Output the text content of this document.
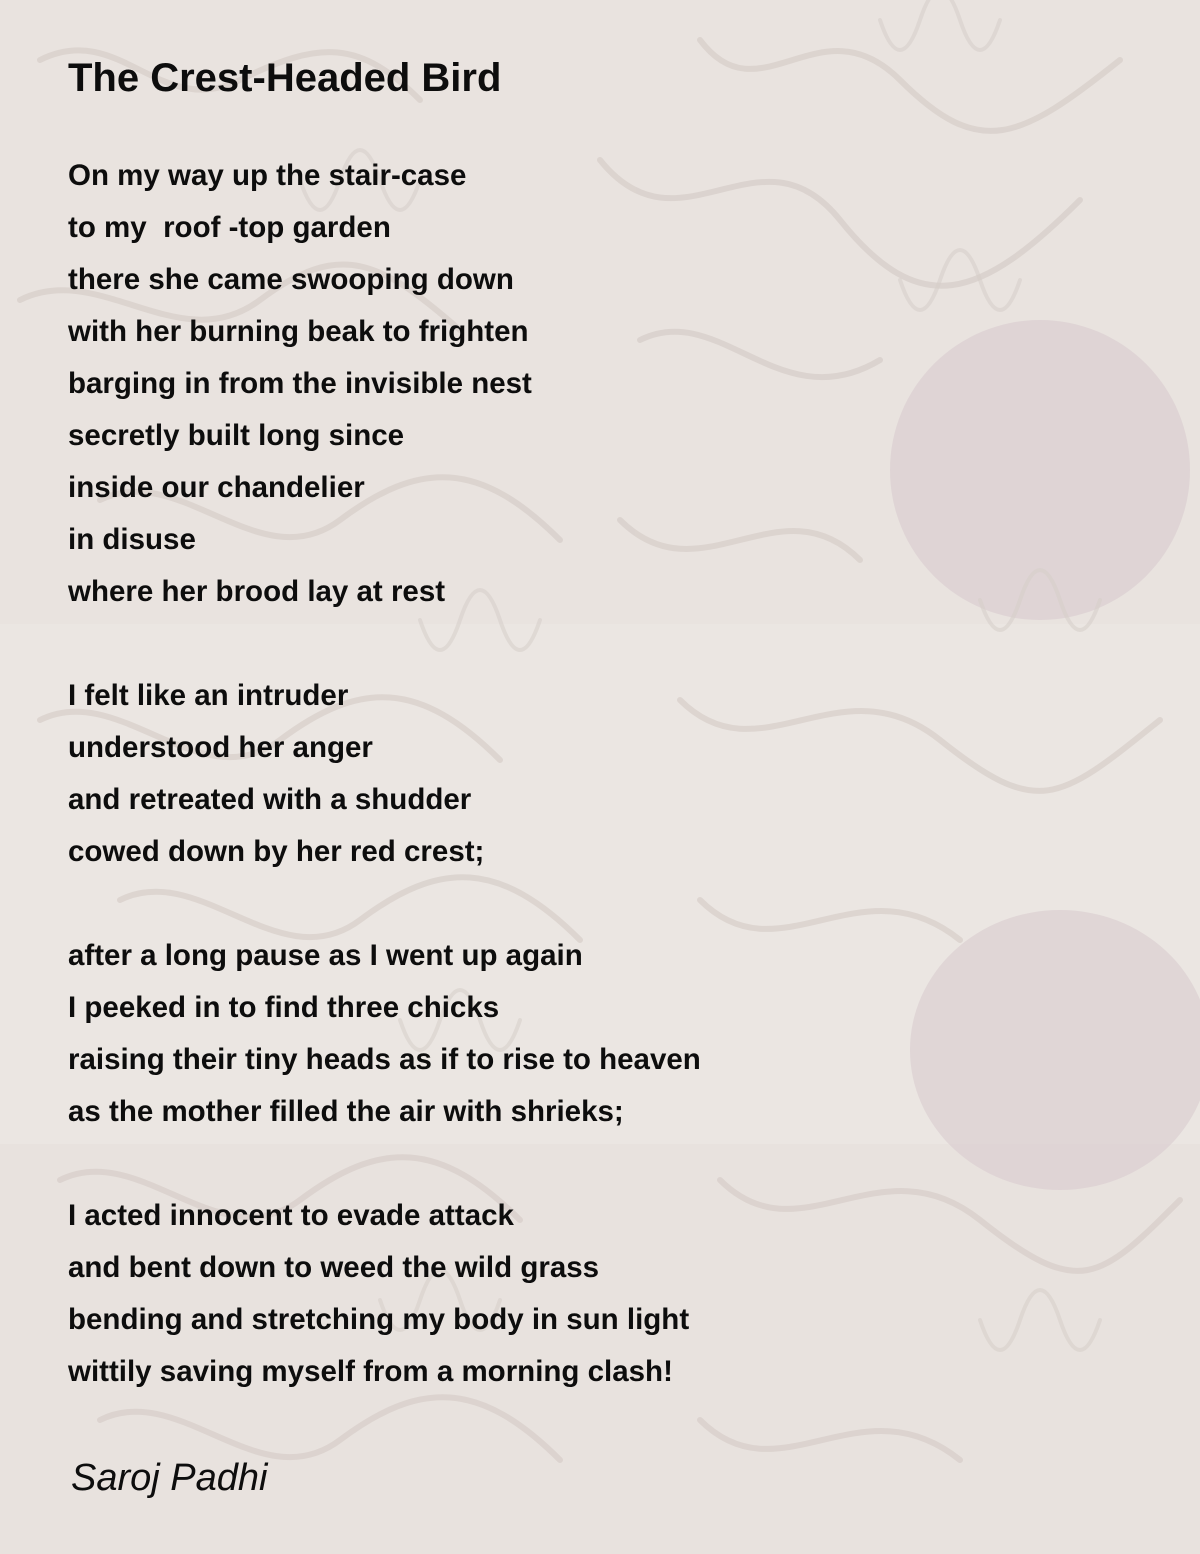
The Crest-Headed Bird
On my way up the stair-case
to my  roof -top garden
there she came swooping down
with her burning beak to frighten
barging in from the invisible nest
secretly built long since
inside our chandelier
in disuse
where her brood lay at rest
I felt like an intruder
understood her anger
and retreated with a shudder
cowed down by her red crest;
after a long pause as I went up again
I peeked in to find three chicks
raising their tiny heads as if to rise to heaven
as the mother filled the air with shrieks;
I acted innocent to evade attack
and bent down to weed the wild grass
bending and stretching my body in sun light
wittily saving myself from a morning clash!

Saroj Padhi
